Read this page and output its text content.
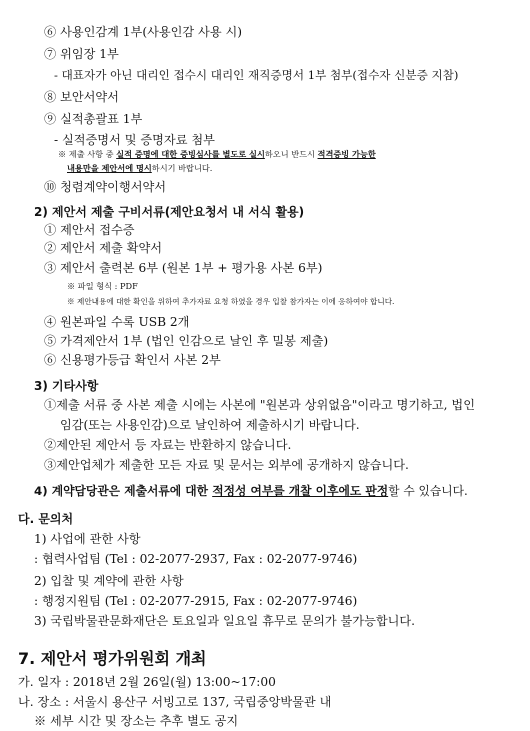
⑥ 사용인감계 1부(사용인감 사용 시)
⑦ 위임장 1부
- 대표자가 아닌 대리인 접수시 대리인 재직증명서 1부 첨부(접수자 신분증 지참)
⑧ 보안서약서
⑨ 실적총괄표 1부
- 실적증명서 및 증명자료 첨부
※ 제출 사항 중 실적 증명에 대한 증빙심사를 별도로 실시하오니 반드시 적격증빙 가능한
내용만을 제안서에 명시하시기 바랍니다.
⑩ 청렴계약이행서약서
2) 제안서 제출 구비서류(제안요청서 내 서식 활용)
① 제안서 접수증
② 제안서 제출 확약서
③ 제안서 출력본 6부 (원본 1부 + 평가용 사본 6부)
※ 파일 형식 : PDF
※ 제안내용에 대한 확인을 위하여 추가자료 요청 하였을 경우 입찰 참가자는 이에 응하여야 합니다.
④ 원본파일 수록 USB 2개
⑤ 가격제안서 1부 (법인 인감으로 날인 후 밀봉 제출)
⑥ 신용평가등급 확인서 사본 2부
3) 기타사항
①제출 서류 중 사본 제출 시에는 사본에 "원본과 상위없음"이라고 명기하고, 법인
임감(또는 사용인감)으로 날인하여 제출하시기 바랍니다.
②제안된 제안서 등 자료는 반환하지 않습니다.
③제안업체가 제출한 모든 자료 및 문서는 외부에 공개하지 않습니다.
4) 계약담당관은 제출서류에 대한 적정성 여부를 개찰 이후에도 판정할 수 있습니다.
다. 문의처
1) 사업에 관한 사항
: 협력사업팀 (Tel : 02-2077-2937, Fax : 02-2077-9746)
2) 입찰 및 계약에 관한 사항
: 행정지원팀 (Tel : 02-2077-2915, Fax : 02-2077-9746)
3) 국립박물관문화재단은 토요일과 일요일 휴무로 문의가 불가능합니다.
7. 제안서 평가위원회 개최
가. 일자 : 2018년 2월 26일(월) 13:00~17:00
나. 장소 : 서울시 용산구 서빙고로 137, 국립중앙박물관 내
※ 세부 시간 및 장소는 추후 별도 공지
